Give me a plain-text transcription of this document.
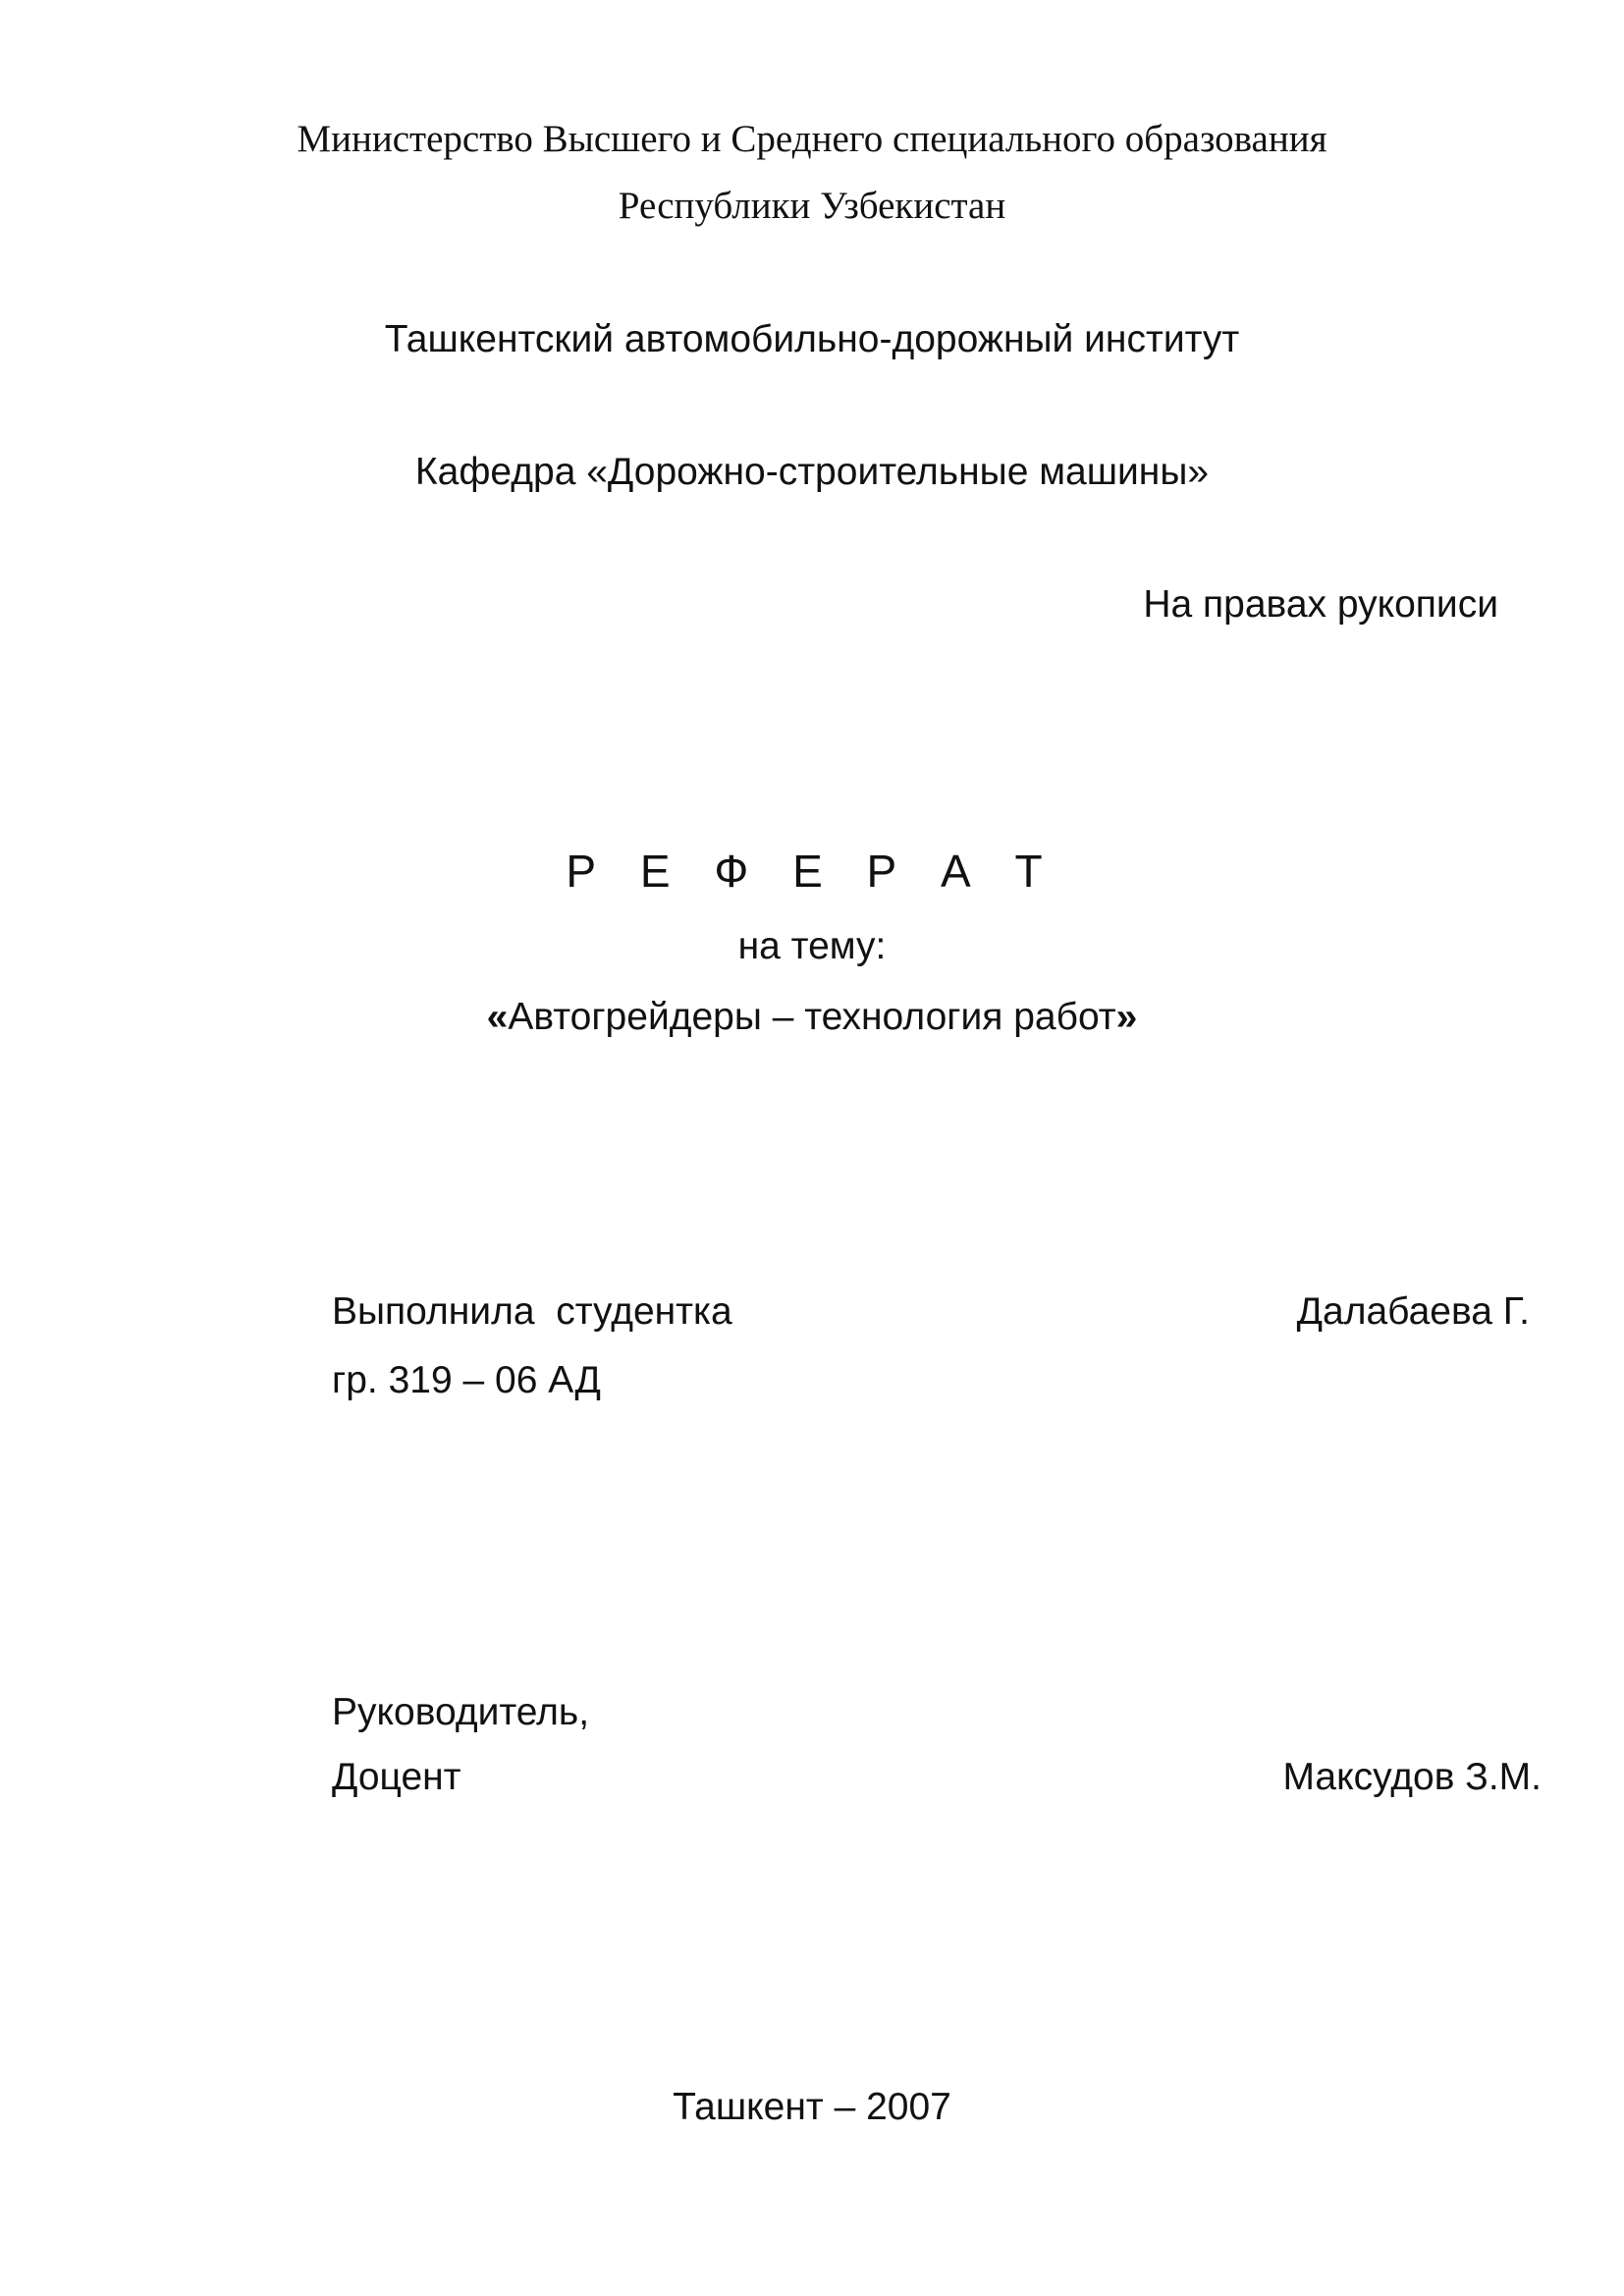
Министерство Высшего и Среднего специального образования
Республики Узбекистан
Ташкентский автомобильно-дорожный институт
Кафедра «Дорожно-строительные машины»
На правах рукописи
Р Е Ф Е Р А Т
на тему:
«Автогрейдеры – технология работ»
Выполнила  студентка	Далабаева Г.
гр. 319 – 06 АД
Руководитель,
Доцент	Максудов З.М.
Ташкент – 2007
